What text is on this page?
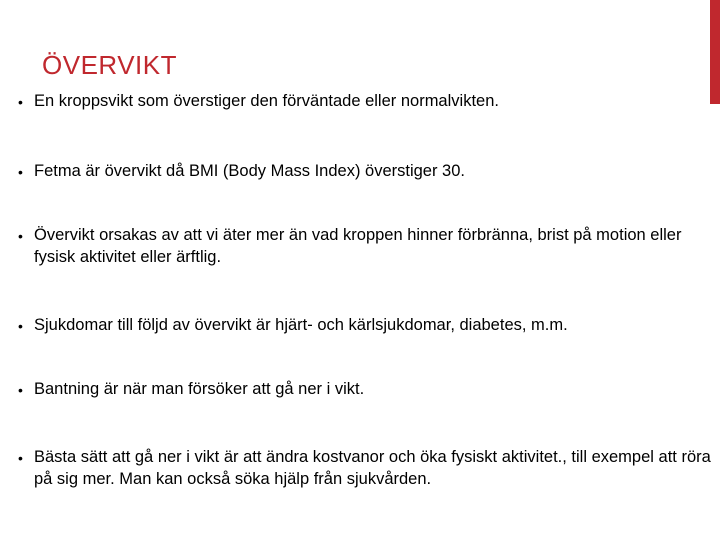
ÖVERVIKT
• En kroppsvikt som överstiger den förväntade eller normalvikten.
• Fetma är övervikt då BMI (Body Mass Index) överstiger 30.
• Övervikt orsakas av att vi äter mer än vad kroppen hinner förbränna, brist på motion eller fysisk aktivitet eller ärftlig.
• Sjukdomar till följd av övervikt är hjärt- och kärlsjukdomar, diabetes, m.m.
• Bantning är när man försöker att gå ner i vikt.
• Bästa sätt att gå ner i vikt är att ändra kostvanor och öka fysiskt aktivitet., till exempel att röra på sig mer. Man kan också söka hjälp från sjukvården.
